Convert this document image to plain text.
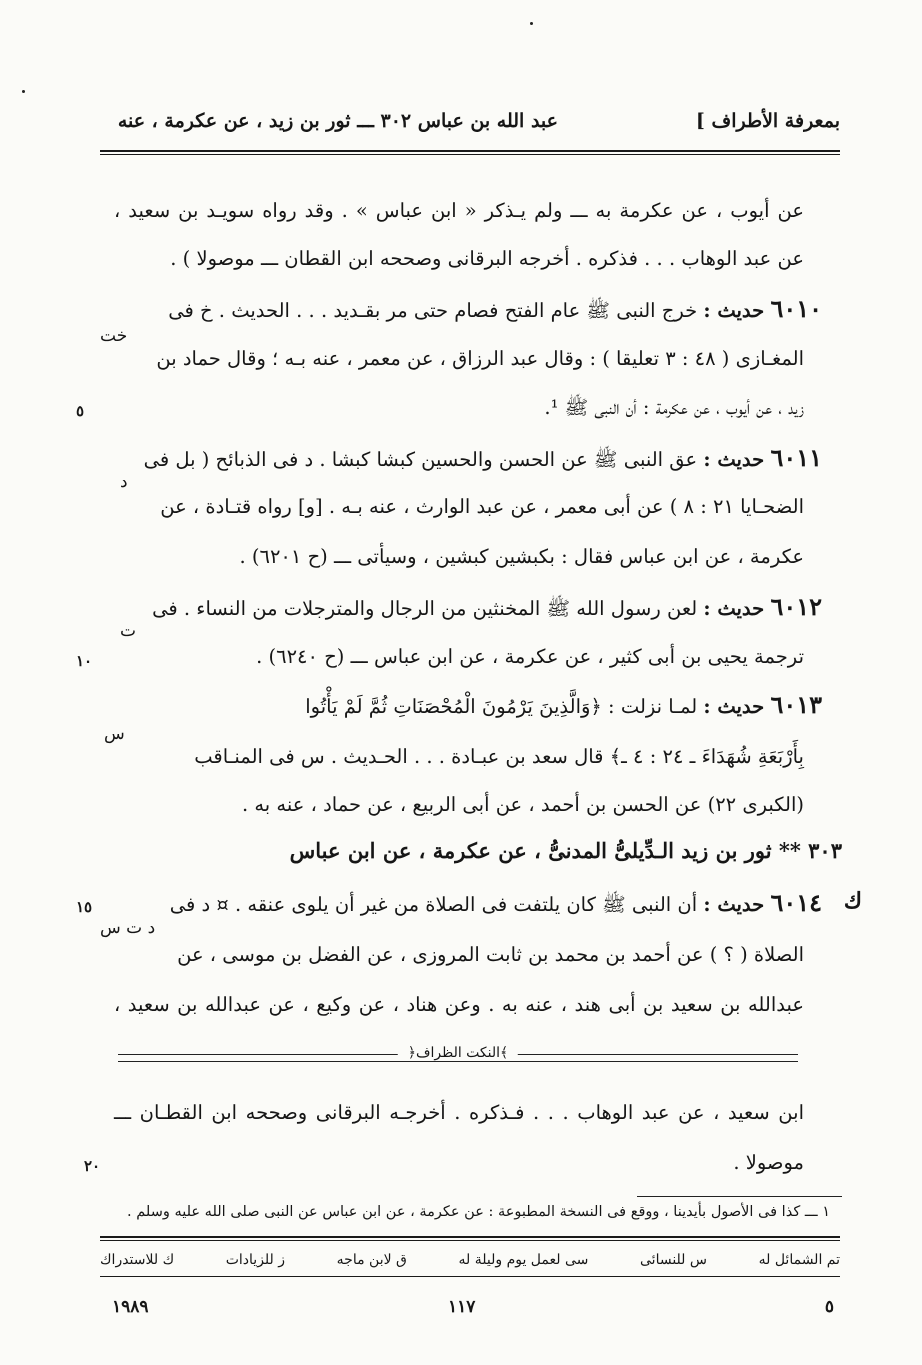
بمعرفة الأطراف ]
عبد الله بن عباس ٣٠٢ ـــ ثور بن زيد ، عن عكرمة ، عنه
عن أيوب ، عن عكرمة به ـــ ولم يـذكر « ابن عباس » . وقد رواه سويـد بن سعيد ،
عن عبد الوهاب . . . فذكره . أخرجه البرقانى وصححه ابن القطان ـــ موصولا ) .
٦٠١٠ حديث : خرج النبى ﷺ عام الفتح فصام حتى مر بقـديد . . . الحديث . خ فى
خت
المغـازى ( ٤٨ : ٣ تعليقا ) : وقال عبد الرزاق ، عن معمر ، عنه بـه ؛ وقال حماد بن
زيد ، عن أيوب ، عن عكرمة : أن النبى ﷺ ¹.
٥
٦٠١١ حديث : عق النبى ﷺ عن الحسن والحسين كبشا كبشا . د فى الذبائح ( بل فى
د
الضحـايا ٢١ : ٨ ) عن أبى معمر ، عن عبد الوارث ، عنه بـه . [و] رواه قتـادة ، عن
عكرمة ، عن ابن عباس فقال : بكبشين كبشين ، وسيأتى ـــ (ح ٦٢٠١) .
٦٠١٢ حديث : لعن رسول الله ﷺ المخنثين من الرجال والمترجلات من النساء . فى
ت
ترجمة يحيى بن أبى كثير ، عن عكرمة ، عن ابن عباس ـــ (ح ٦٢٤٠) .
١٠
٦٠١٣ حديث : لمـا نزلت : ﴿وَالَّذِينَ يَرْمُونَ الْمُحْصَنَاتِ ثُمَّ لَمْ يَأْتُوا
س
بِأَرْبَعَةِ شُهَدَاءَ ـ ٢٤ : ٤ ـ﴾ قال سعد بن عبـادة . . . الحـديث . س فى المنـاقب
(الكبرى ٢٢) عن الحسن بن أحمد ، عن أبى الربيع ، عن حماد ، عنه به .
٣٠٣ ** ثور بن زيد الـدِّيلىُّ المدنىُّ ، عن عكرمة ، عن ابن عباس
ك
٦٠١٤ حديث : أن النبى ﷺ كان يلتفت فى الصلاة من غير أن يلوى عنقه . ¤ د فى
١٥
د ت س
الصلاة ( ؟ ) عن أحمد بن محمد بن ثابت المروزى ، عن الفضل بن موسى ، عن
عبدالله بن سعيد بن أبى هند ، عنه به . وعن هناد ، عن وكيع ، عن عبدالله بن سعيد ،
﴿النكت الظراف﴾
ابن سعيد ، عن عبد الوهاب . . . فـذكره . أخرجـه البرقانى وصححه ابن القطـان ـــ
موصولا .
٢٠
١ ـــ كذا فى الأصول بأيدينا ، ووقع فى النسخة المطبوعة : عن عكرمة ، عن ابن عباس عن النبى صلى الله عليه وسلم .
تم الشمائل له
س للنسائى
سى لعمل يوم وليلة له
ق لابن ماجه
ز للزيادات
ك للاستدراك
٥
١١٧
١٩٨٩
